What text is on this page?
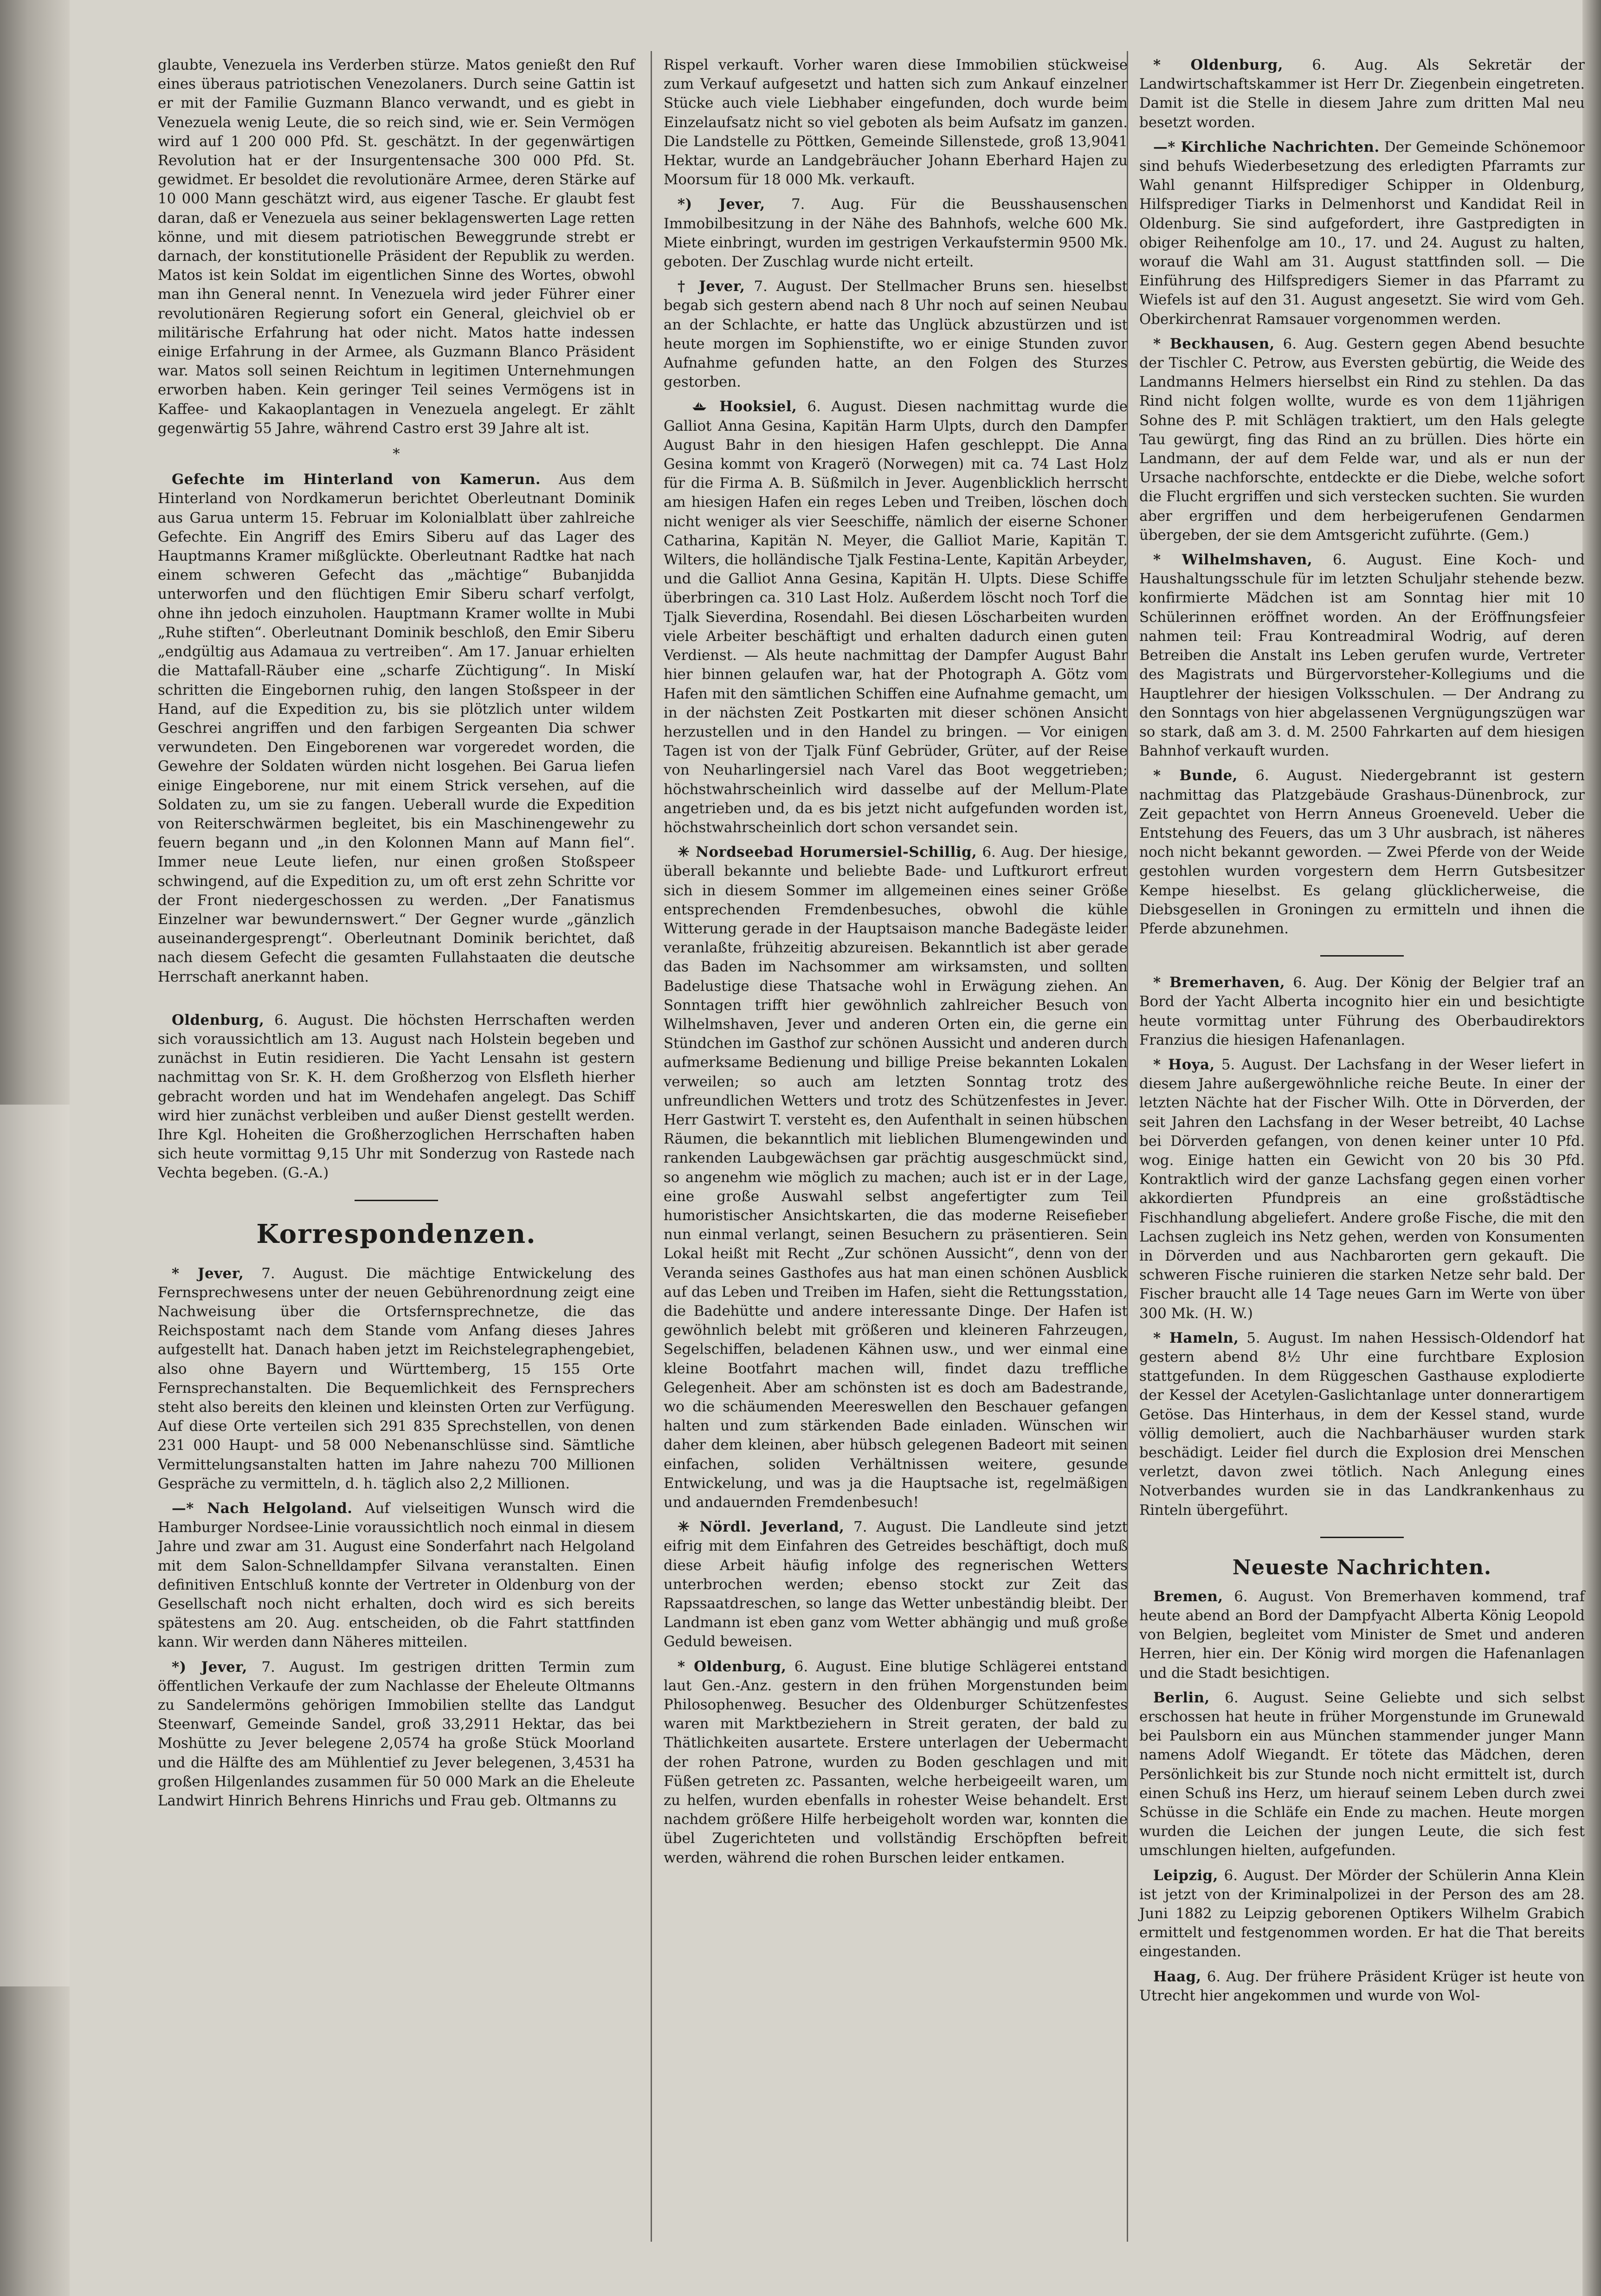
glaubte, Venezuela ins Verderben stürze. Matos genießt den Ruf eines überaus patriotischen Venezolaners. Durch seine Gattin ist er mit der Familie Guzmann Blanco verwandt, und es giebt in Venezuela wenig Leute, die so reich sind, wie er. Sein Vermögen wird auf 1 200 000 Pfd. St. geschätzt. In der gegenwärtigen Revolution hat er der Insurgentensache 300 000 Pfd. St. gewidmet. Er besoldet die revolutionäre Armee, deren Stärke auf 10 000 Mann geschätzt wird, aus eigener Tasche. Er glaubt fest daran, daß er Venezuela aus seiner beklagenswerten Lage retten könne, und mit diesem patriotischen Beweggrunde strebt er darnach, der konstitutionelle Präsident der Republik zu werden. Matos ist kein Soldat im eigentlichen Sinne des Wortes, obwohl man ihn General nennt. In Venezuela wird jeder Führer einer revolutionären Regierung sofort ein General, gleichviel ob er militärische Erfahrung hat oder nicht. Matos hatte indessen einige Erfahrung in der Armee, als Guzmann Blanco Präsident war. Matos soll seinen Reichtum in legitimen Unternehmungen erworben haben. Kein geringer Teil seines Vermögens ist in Kaffee- und Kakaoplantagen in Venezuela angelegt. Er zählt gegenwärtig 55 Jahre, während Castro erst 39 Jahre alt ist.

*

Gefechte im Hinterland von Kamerun. Aus dem Hinterland von Nordkamerun berichtet Oberleutnant Dominik aus Garua unterm 15. Februar im Kolonialblatt über zahlreiche Gefechte. Ein Angriff des Emirs Siberu auf das Lager des Hauptmanns Kramer mißglückte. Oberleutnant Radtke hat nach einem schweren Gefecht das „mächtige“ Bubanjidda unterworfen und den flüchtigen Emir Siberu scharf verfolgt, ohne ihn jedoch einzuholen. Hauptmann Kramer wollte in Mubi „Ruhe stiften“. Oberleutnant Dominik beschloß, den Emir Siberu „endgültig aus Adamaua zu vertreiben“. Am 17. Januar erhielten die Mattafall-Räuber eine „scharfe Züchtigung“. In Miskí schritten die Eingebornen ruhig, den langen Stoßspeer in der Hand, auf die Expedition zu, bis sie plötzlich unter wildem Geschrei angriffen und den farbigen Sergeanten Dia schwer verwundeten. Den Eingeborenen war vorgeredet worden, die Gewehre der Soldaten würden nicht losgehen. Bei Garua liefen einige Eingeborene, nur mit einem Strick versehen, auf die Soldaten zu, um sie zu fangen. Ueberall wurde die Expedition von Reiterschwärmen begleitet, bis ein Maschinengewehr zu feuern begann und „in den Kolonnen Mann auf Mann fiel“. Immer neue Leute liefen, nur einen großen Stoßspeer schwingend, auf die Expedition zu, um oft erst zehn Schritte vor der Front niedergeschossen zu werden. „Der Fanatismus Einzelner war bewundernswert.“ Der Gegner wurde „gänzlich auseinandergesprengt“. Oberleutnant Dominik berichtet, daß nach diesem Gefecht die gesamten Fullahstaaten die deutsche Herrschaft anerkannt haben.

Oldenburg, 6. August. Die höchsten Herrschaften werden sich voraussichtlich am 13. August nach Holstein begeben und zunächst in Eutin residieren. Die Yacht Lensahn ist gestern nachmittag von Sr. K. H. dem Großherzog von Elsfleth hierher gebracht worden und hat im Wendehafen angelegt. Das Schiff wird hier zunächst verbleiben und außer Dienst gestellt werden. Ihre Kgl. Hoheiten die Großherzoglichen Herrschaften haben sich heute vormittag 9,15 Uhr mit Sonderzug von Rastede nach Vechta begeben. (G.-A.)

Korrespondenzen.

* Jever, 7. August. Die mächtige Entwickelung des Fernsprechwesens unter der neuen Gebührenordnung zeigt eine Nachweisung über die Ortsfernsprechnetze, die das Reichspostamt nach dem Stande vom Anfang dieses Jahres aufgestellt hat. Danach haben jetzt im Reichstelegraphengebiet, also ohne Bayern und Württemberg, 15 155 Orte Fernsprechanstalten. Die Bequemlichkeit des Fernsprechers steht also bereits den kleinen und kleinsten Orten zur Verfügung. Auf diese Orte verteilen sich 291 835 Sprechstellen, von denen 231 000 Haupt- und 58 000 Nebenanschlüsse sind. Sämtliche Vermittelungsanstalten hatten im Jahre nahezu 700 Millionen Gespräche zu vermitteln, d. h. täglich also 2,2 Millionen.

—* Nach Helgoland. Auf vielseitigen Wunsch wird die Hamburger Nordsee-Linie voraussichtlich noch einmal in diesem Jahre und zwar am 31. August eine Sonderfahrt nach Helgoland mit dem Salon-Schnelldampfer Silvana veranstalten. Einen definitiven Entschluß konnte der Vertreter in Oldenburg von der Gesellschaft noch nicht erhalten, doch wird es sich bereits spätestens am 20. Aug. entscheiden, ob die Fahrt stattfinden kann. Wir werden dann Näheres mitteilen.

*) Jever, 7. August. Im gestrigen dritten Termin zum öffentlichen Verkaufe der zum Nachlasse der Eheleute Oltmanns zu Sandelermöns gehörigen Immobilien stellte das Landgut Steenwarf, Gemeinde Sandel, groß 33,2911 Hektar, das bei Moshütte zu Jever belegene 2,0574 ha große Stück Moorland und die Hälfte des am Mühlentief zu Jever belegenen, 3,4531 ha großen Hilgenlandes zusammen für 50 000 Mark an die Eheleute Landwirt Hinrich Behrens Hinrichs und Frau geb. Oltmanns zu

Rispel verkauft. Vorher waren diese Immobilien stückweise zum Verkauf aufgesetzt und hatten sich zum Ankauf einzelner Stücke auch viele Liebhaber eingefunden, doch wurde beim Einzelaufsatz nicht so viel geboten als beim Aufsatz im ganzen. Die Landstelle zu Pöttken, Gemeinde Sillenstede, groß 13,9041 Hektar, wurde an Landgebräucher Johann Eberhard Hajen zu Moorsum für 18 000 Mk. verkauft.

*) Jever, 7. Aug. Für die Beusshausenschen Immobilbesitzung in der Nähe des Bahnhofs, welche 600 Mk. Miete einbringt, wurden im gestrigen Verkaufstermin 9500 Mk. geboten. Der Zuschlag wurde nicht erteilt.

† Jever, 7. August. Der Stellmacher Bruns sen. hieselbst begab sich gestern abend nach 8 Uhr noch auf seinen Neubau an der Schlachte, er hatte das Unglück abzustürzen und ist heute morgen im Sophienstifte, wo er einige Stunden zuvor Aufnahme gefunden hatte, an den Folgen des Sturzes gestorben.

Hooksiel, 6. August. Diesen nachmittag wurde die Galliot Anna Gesina, Kapitän Harm Ulpts, durch den Dampfer August Bahr in den hiesigen Hafen geschleppt. Die Anna Gesina kommt von Kragerö (Norwegen) mit ca. 74 Last Holz für die Firma A. B. Süßmilch in Jever. Augenblicklich herrscht am hiesigen Hafen ein reges Leben und Treiben, löschen doch nicht weniger als vier Seeschiffe, nämlich der eiserne Schoner Catharina, Kapitän N. Meyer, die Galliot Marie, Kapitän T. Wilters, die holländische Tjalk Festina-Lente, Kapitän Arbeyder, und die Galliot Anna Gesina, Kapitän H. Ulpts. Diese Schiffe überbringen ca. 310 Last Holz. Außerdem löscht noch Torf die Tjalk Sieverdina, Rosendahl. Bei diesen Löscharbeiten wurden viele Arbeiter beschäftigt und erhalten dadurch einen guten Verdienst. — Als heute nachmittag der Dampfer August Bahr hier binnen gelaufen war, hat der Photograph A. Götz vom Hafen mit den sämtlichen Schiffen eine Aufnahme gemacht, um in der nächsten Zeit Postkarten mit dieser schönen Ansicht herzustellen und in den Handel zu bringen. — Vor einigen Tagen ist von der Tjalk Fünf Gebrüder, Grüter, auf der Reise von Neuharlingersiel nach Varel das Boot weggetrieben; höchstwahrscheinlich wird dasselbe auf der Mellum-Plate angetrieben und, da es bis jetzt nicht aufgefunden worden ist, höchstwahrscheinlich dort schon versandet sein.

✳ Nordseebad Horumersiel-Schillig, 6. Aug. Der hiesige, überall bekannte und beliebte Bade- und Luftkurort erfreut sich in diesem Sommer im allgemeinen eines seiner Größe entsprechenden Fremdenbesuches, obwohl die kühle Witterung gerade in der Hauptsaison manche Badegäste leider veranlaßte, frühzeitig abzureisen. Bekanntlich ist aber gerade das Baden im Nachsommer am wirksamsten, und sollten Badelustige diese Thatsache wohl in Erwägung ziehen. An Sonntagen trifft hier gewöhnlich zahlreicher Besuch von Wilhelmshaven, Jever und anderen Orten ein, die gerne ein Stündchen im Gasthof zur schönen Aussicht und anderen durch aufmerksame Bedienung und billige Preise bekannten Lokalen verweilen; so auch am letzten Sonntag trotz des unfreundlichen Wetters und trotz des Schützenfestes in Jever. Herr Gastwirt T. versteht es, den Aufenthalt in seinen hübschen Räumen, die bekanntlich mit lieblichen Blumengewinden und rankenden Laubgewächsen gar prächtig ausgeschmückt sind, so angenehm wie möglich zu machen; auch ist er in der Lage, eine große Auswahl selbst angefertigter zum Teil humoristischer Ansichtskarten, die das moderne Reisefieber nun einmal verlangt, seinen Besuchern zu präsentieren. Sein Lokal heißt mit Recht „Zur schönen Aussicht“, denn von der Veranda seines Gasthofes aus hat man einen schönen Ausblick auf das Leben und Treiben im Hafen, sieht die Rettungsstation, die Badehütte und andere interessante Dinge. Der Hafen ist gewöhnlich belebt mit größeren und kleineren Fahrzeugen, Segelschiffen, beladenen Kähnen usw., und wer einmal eine kleine Bootfahrt machen will, findet dazu treffliche Gelegenheit. Aber am schönsten ist es doch am Badestrande, wo die schäumenden Meereswellen den Beschauer gefangen halten und zum stärkenden Bade einladen. Wünschen wir daher dem kleinen, aber hübsch gelegenen Badeort mit seinen einfachen, soliden Verhältnissen weitere, gesunde Entwickelung, und was ja die Hauptsache ist, regelmäßigen und andauernden Fremdenbesuch!

✳ Nördl. Jeverland, 7. August. Die Landleute sind jetzt eifrig mit dem Einfahren des Getreides beschäftigt, doch muß diese Arbeit häufig infolge des regnerischen Wetters unterbrochen werden; ebenso stockt zur Zeit das Rapssaatdreschen, so lange das Wetter unbeständig bleibt. Der Landmann ist eben ganz vom Wetter abhängig und muß große Geduld beweisen.

* Oldenburg, 6. August. Eine blutige Schlägerei entstand laut Gen.-Anz. gestern in den frühen Morgenstunden beim Philosophenweg. Besucher des Oldenburger Schützenfestes waren mit Marktbeziehern in Streit geraten, der bald zu Thätlichkeiten ausartete. Erstere unterlagen der Uebermacht der rohen Patrone, wurden zu Boden geschlagen und mit Füßen getreten zc. Passanten, welche herbeigeeilt waren, um zu helfen, wurden ebenfalls in rohester Weise behandelt. Erst nachdem größere Hilfe herbeigeholt worden war, konnten die übel Zugerichteten und vollständig Erschöpften befreit werden, während die rohen Burschen leider entkamen.

* Oldenburg, 6. Aug. Als Sekretär der Landwirtschaftskammer ist Herr Dr. Ziegenbein eingetreten. Damit ist die Stelle in diesem Jahre zum dritten Mal neu besetzt worden.

—* Kirchliche Nachrichten. Der Gemeinde Schönemoor sind behufs Wiederbesetzung des erledigten Pfarramts zur Wahl genannt Hilfsprediger Schipper in Oldenburg, Hilfsprediger Tiarks in Delmenhorst und Kandidat Reil in Oldenburg. Sie sind aufgefordert, ihre Gastpredigten in obiger Reihenfolge am 10., 17. und 24. August zu halten, worauf die Wahl am 31. August stattfinden soll. — Die Einführung des Hilfspredigers Siemer in das Pfarramt zu Wiefels ist auf den 31. August angesetzt. Sie wird vom Geh. Oberkirchenrat Ramsauer vorgenommen werden.

* Beckhausen, 6. Aug. Gestern gegen Abend besuchte der Tischler C. Petrow, aus Eversten gebürtig, die Weide des Landmanns Helmers hierselbst ein Rind zu stehlen. Da das Rind nicht folgen wollte, wurde es von dem 11jährigen Sohne des P. mit Schlägen traktiert, um den Hals gelegte Tau gewürgt, fing das Rind an zu brüllen. Dies hörte ein Landmann, der auf dem Felde war, und als er nun der Ursache nachforschte, entdeckte er die Diebe, welche sofort die Flucht ergriffen und sich verstecken suchten. Sie wurden aber ergriffen und dem herbeigerufenen Gendarmen übergeben, der sie dem Amtsgericht zuführte. (Gem.)

* Wilhelmshaven, 6. August. Eine Koch- und Haushaltungsschule für im letzten Schuljahr stehende bezw. konfirmierte Mädchen ist am Sonntag hier mit 10 Schülerinnen eröffnet worden. An der Eröffnungsfeier nahmen teil: Frau Kontreadmiral Wodrig, auf deren Betreiben die Anstalt ins Leben gerufen wurde, Vertreter des Magistrats und Bürgervorsteher-Kollegiums und die Hauptlehrer der hiesigen Volksschulen. — Der Andrang zu den Sonntags von hier abgelassenen Vergnügungszügen war so stark, daß am 3. d. M. 2500 Fahrkarten auf dem hiesigen Bahnhof verkauft wurden.

* Bunde, 6. August. Niedergebrannt ist gestern nachmittag das Platzgebäude Grashaus-Dünenbrock, zur Zeit gepachtet von Herrn Anneus Groeneveld. Ueber die Entstehung des Feuers, das um 3 Uhr ausbrach, ist näheres noch nicht bekannt geworden. — Zwei Pferde von der Weide gestohlen wurden vorgestern dem Herrn Gutsbesitzer Kempe hieselbst. Es gelang glücklicherweise, die Diebsgesellen in Groningen zu ermitteln und ihnen die Pferde abzunehmen.

* Bremerhaven, 6. Aug. Der König der Belgier traf an Bord der Yacht Alberta incognito hier ein und besichtigte heute vormittag unter Führung des Oberbaudirektors Franzius die hiesigen Hafenanlagen.

* Hoya, 5. August. Der Lachsfang in der Weser liefert in diesem Jahre außergewöhnliche reiche Beute. In einer der letzten Nächte hat der Fischer Wilh. Otte in Dörverden, der seit Jahren den Lachsfang in der Weser betreibt, 40 Lachse bei Dörverden gefangen, von denen keiner unter 10 Pfd. wog. Einige hatten ein Gewicht von 20 bis 30 Pfd. Kontraktlich wird der ganze Lachsfang gegen einen vorher akkordierten Pfundpreis an eine großstädtische Fischhandlung abgeliefert. Andere große Fische, die mit den Lachsen zugleich ins Netz gehen, werden von Konsumenten in Dörverden und aus Nachbarorten gern gekauft. Die schweren Fische ruinieren die starken Netze sehr bald. Der Fischer braucht alle 14 Tage neues Garn im Werte von über 300 Mk. (H. W.)

* Hameln, 5. August. Im nahen Hessisch-Oldendorf hat gestern abend 8½ Uhr eine furchtbare Explosion stattgefunden. In dem Rüggeschen Gasthause explodierte der Kessel der Acetylen-Gaslichtanlage unter donnerartigem Getöse. Das Hinterhaus, in dem der Kessel stand, wurde völlig demoliert, auch die Nachbarhäuser wurden stark beschädigt. Leider fiel durch die Explosion drei Menschen verletzt, davon zwei tötlich. Nach Anlegung eines Notverbandes wurden sie in das Landkrankenhaus zu Rinteln übergeführt.

Neueste Nachrichten.

Bremen, 6. August. Von Bremerhaven kommend, traf heute abend an Bord der Dampfyacht Alberta König Leopold von Belgien, begleitet vom Minister de Smet und anderen Herren, hier ein. Der König wird morgen die Hafenanlagen und die Stadt besichtigen.

Berlin, 6. August. Seine Geliebte und sich selbst erschossen hat heute in früher Morgenstunde im Grunewald bei Paulsborn ein aus München stammender junger Mann namens Adolf Wiegandt. Er tötete das Mädchen, deren Persönlichkeit bis zur Stunde noch nicht ermittelt ist, durch einen Schuß ins Herz, um hierauf seinem Leben durch zwei Schüsse in die Schläfe ein Ende zu machen. Heute morgen wurden die Leichen der jungen Leute, die sich fest umschlungen hielten, aufgefunden.

Leipzig, 6. August. Der Mörder der Schülerin Anna Klein ist jetzt von der Kriminalpolizei in der Person des am 28. Juni 1882 zu Leipzig geborenen Optikers Wilhelm Grabich ermittelt und festgenommen worden. Er hat die That bereits eingestanden.

Haag, 6. Aug. Der frühere Präsident Krüger ist heute von Utrecht hier angekommen und wurde von Wol-
